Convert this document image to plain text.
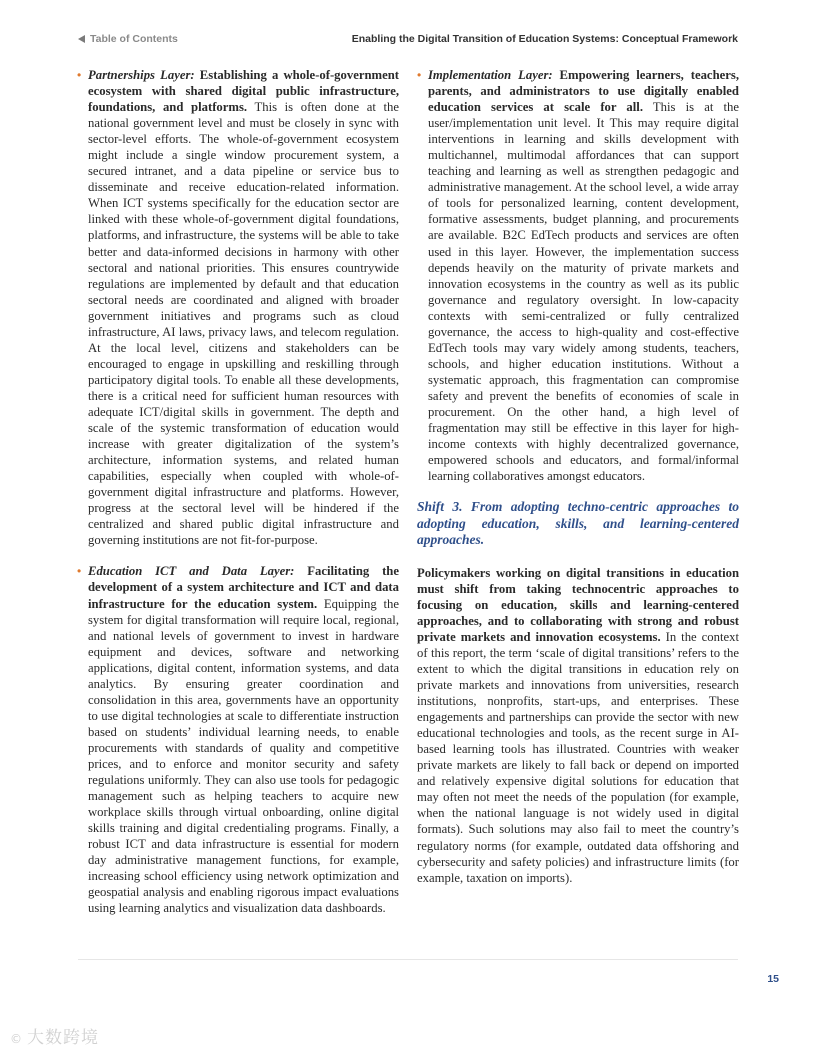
Table of Contents	Enabling the Digital Transition of Education Systems: Conceptual Framework
• Partnerships Layer: Establishing a whole-of-government ecosystem with shared digital public infrastructure, foundations, and platforms. This is often done at the national government level and must be closely in sync with sector-level efforts. The whole-of-government ecosystem might include a single window procurement system, a secured intranet, and a data pipeline or service bus to disseminate and receive education-related information. When ICT systems specifically for the education sector are linked with these whole-of-government digital foundations, platforms, and infrastructure, the systems will be able to take better and data-informed decisions in harmony with other sectoral and national priorities. This ensures countrywide regulations are implemented by default and that education sectoral needs are coordinated and aligned with broader government initiatives and programs such as cloud infrastructure, AI laws, privacy laws, and telecom regulation. At the local level, citizens and stakeholders can be encouraged to engage in upskilling and reskilling through participatory digital tools. To enable all these developments, there is a critical need for sufficient human resources with adequate ICT/digital skills in government. The depth and scale of the systemic transformation of education would increase with greater digitalization of the system’s architecture, information systems, and related human capabilities, especially when coupled with whole-of-government digital infrastructure and platforms. However, progress at the sectoral level will be hindered if the centralized and shared public digital infrastructure and governing institutions are not fit-for-purpose.

• Education ICT and Data Layer: Facilitating the development of a system architecture and ICT and data infrastructure for the education system. Equipping the system for digital transformation will require local, regional, and national levels of government to invest in hardware equipment and devices, software and networking applications, digital content, information systems, and data analytics. By ensuring greater coordination and consolidation in this area, governments have an opportunity to use digital technologies at scale to differentiate instruction based on students’ individual learning needs, to enable procurements with standards of quality and competitive prices, and to enforce and monitor security and safety regulations uniformly. They can also use tools for pedagogic management such as helping teachers to acquire new workplace skills through virtual onboarding, online digital skills training and digital credentialing programs. Finally, a robust ICT and data infrastructure is essential for modern day administrative management functions, for example, increasing school efficiency using network optimization and geospatial analysis and enabling rigorous impact evaluations using learning analytics and visualization data dashboards.

• Implementation Layer: Empowering learners, teachers, parents, and administrators to use digitally enabled education services at scale for all. This is at the user/implementation unit level. It This may require digital interventions in learning and skills development with multichannel, multimodal affordances that can support teaching and learning as well as strengthen pedagogic and administrative management. At the school level, a wide array of tools for personalized learning, content development, formative assessments, budget planning, and procurements are available. B2C EdTech products and services are often used in this layer. However, the implementation success depends heavily on the maturity of private markets and innovation ecosystems in the country as well as its public governance and regulatory oversight. In low-capacity contexts with semi-centralized or fully centralized governance, the access to high-quality and cost-effective EdTech tools may vary widely among students, teachers, schools, and higher education institutions. Without a systematic approach, this fragmentation can compromise safety and prevent the benefits of economies of scale in procurement. On the other hand, a high level of fragmentation may still be effective in this layer for high-income contexts with highly decentralized governance, empowered schools and educators, and formal/informal learning collaboratives amongst educators.

Shift 3. From adopting techno-centric approaches to adopting education, skills, and learning-centered approaches.

Policymakers working on digital transitions in education must shift from taking technocentric approaches to focusing on education, skills and learning-centered approaches, and to collaborating with strong and robust private markets and innovation ecosystems. In the context of this report, the term ‘scale of digital transitions’ refers to the extent to which the digital transitions in education rely on private markets and innovations from universities, research institutions, nonprofits, start-ups, and enterprises. These engagements and partnerships can provide the sector with new educational technologies and tools, as the recent surge in AI-based learning tools has illustrated. Countries with weaker private markets are likely to fall back or depend on imported and relatively expensive digital solutions for education that may often not meet the needs of the population (for example, when the national language is not widely used in digital formats). Such solutions may also fail to meet the country’s regulatory norms (for example, outdated data offshoring and cybersecurity and safety policies) and infrastructure limits (for example, taxation on imports).

15
© 大数跨境
